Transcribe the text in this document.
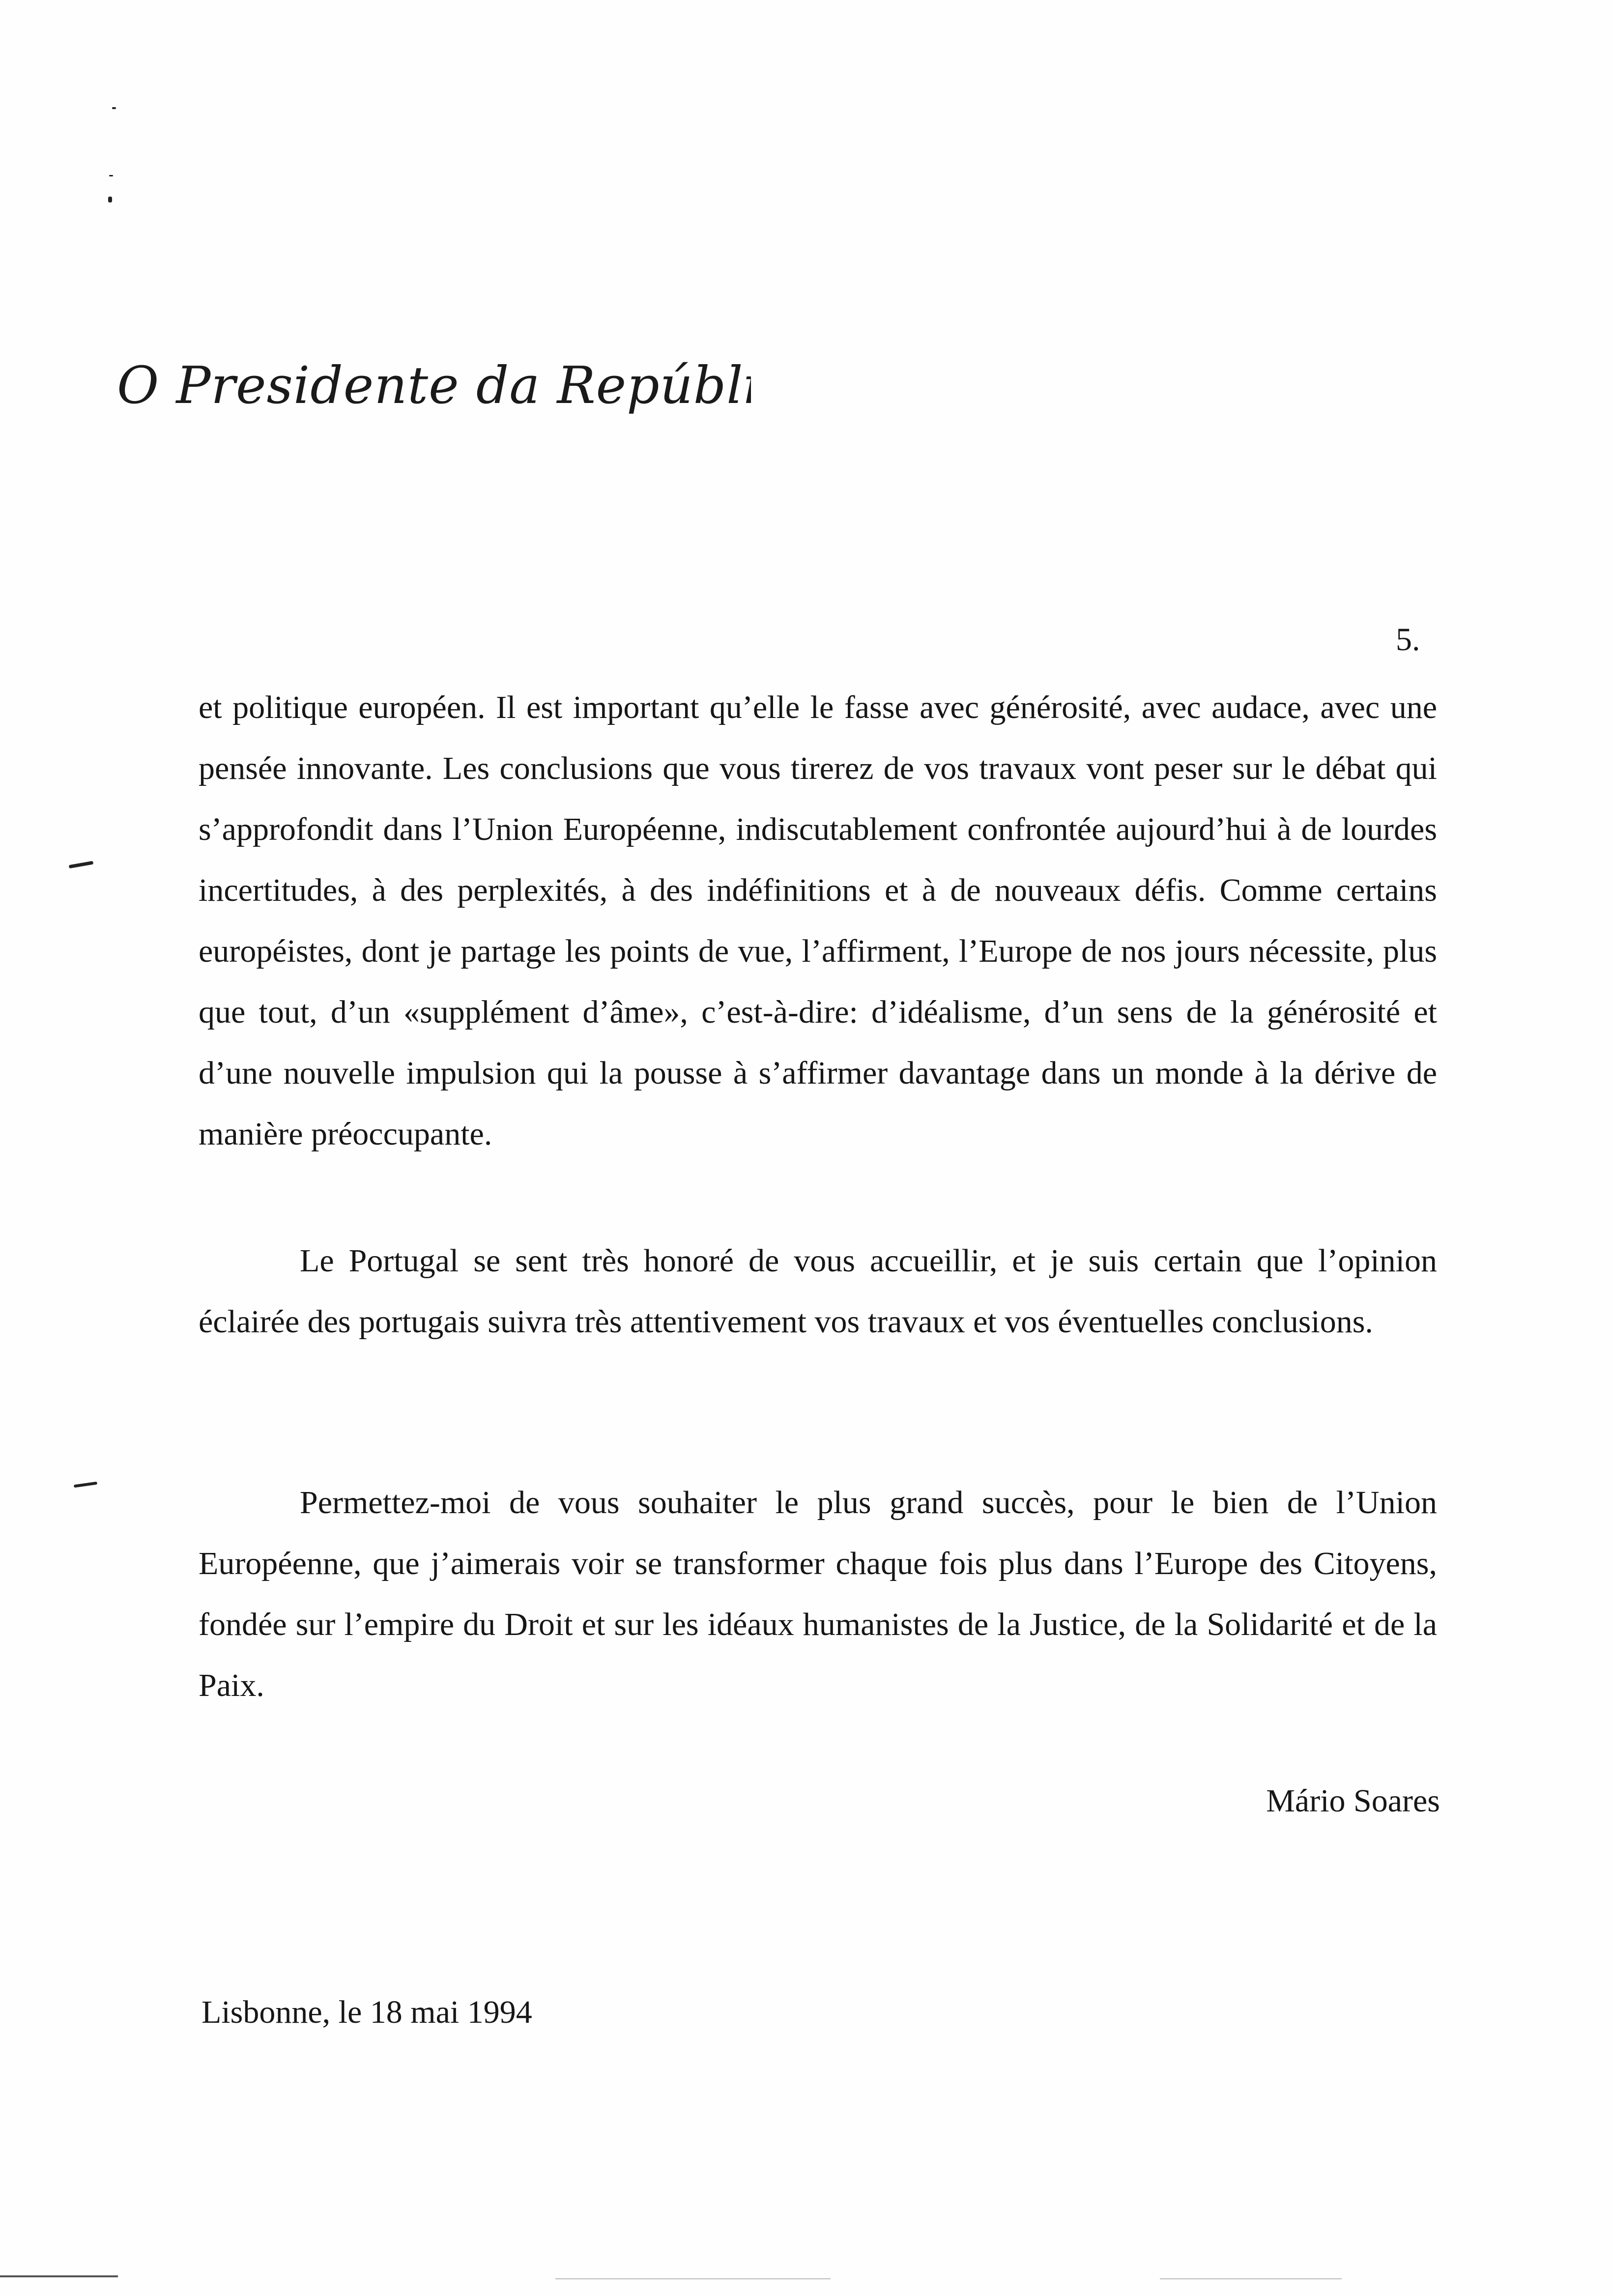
O Presidente da República
5.

et politique européen. Il est important qu’elle le fasse avec générosité, avec audace, avec une pensée innovante. Les conclusions que vous tirerez de vos travaux vont peser sur le débat qui s’approfondit dans l’Union Européenne, indiscutablement confrontée aujourd’hui à de lourdes incertitudes, à des perplexités, à des indéfinitions et à de nouveaux défis. Comme certains européistes, dont je partage les points de vue, l’affirment, l’Europe de nos jours nécessite, plus que tout, d’un «supplément d’âme», c’est-à-dire: d’idéalisme, d’un sens de la générosité et d’une nouvelle impulsion qui la pousse à s’affirmer davantage dans un monde à la dérive de manière préoccupante.

Le Portugal se sent très honoré de vous accueillir, et je suis certain que l’opinion éclairée des portugais suivra très attentivement vos travaux et vos éventuelles conclusions.

Permettez-moi de vous souhaiter le plus grand succès, pour le bien de l’Union Européenne, que j’aimerais voir se transformer chaque fois plus dans l’Europe des Citoyens, fondée sur l’empire du Droit et sur les idéaux humanistes de la Justice, de la Solidarité et de la Paix.

Mário Soares
Lisbonne, le 18 mai 1994
